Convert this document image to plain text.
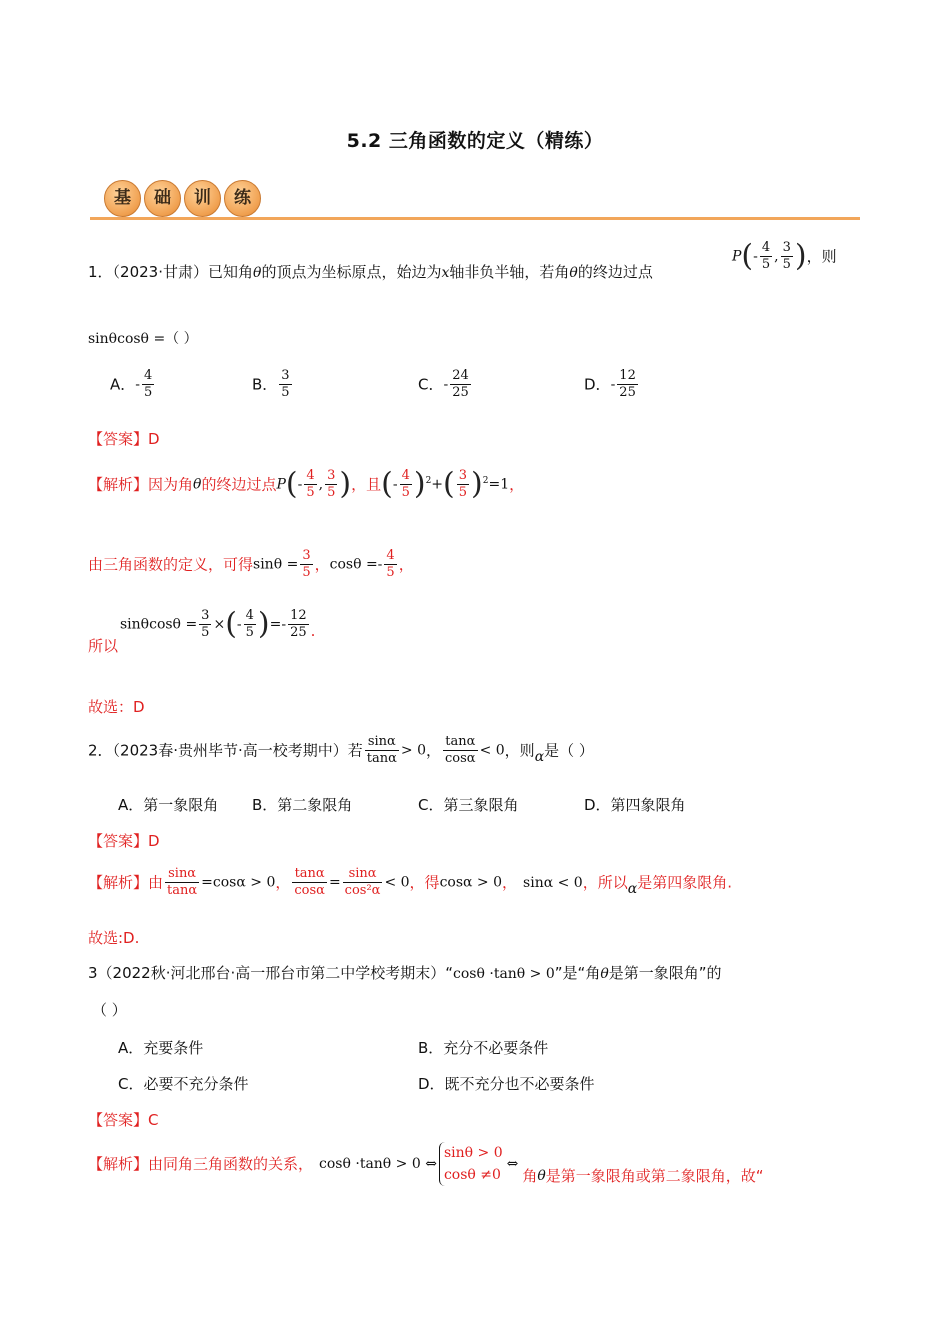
5.2 三角函数的定义（精练）
基	础	训	练
1．（2023·甘肃）已知角θ的顶点为坐标原点，始边为x轴非负半轴，若角θ的终边过点
$P(- \frac{4}{5}$ , $\frac{3}{5}$ )，则
sinθcosθ =（ ）
A．- $\frac{4}{5}$	B． $\frac{3}{5}$	C．- $\frac{24}{25}$	D．- $\frac{12}{25}$
【答案】D
【解析】因为角θ的终边过点$P(- \frac{4}{5}$ , $\frac{3}{5}$ )，且(- $\frac{4}{5} )^2+( \frac{3}{5} )^2=1$，
由三角函数的定义，可得$\sin\theta = \frac{3}{5}$ ，$\cos\theta =- \frac{4}{5}$ ，
$\sin\theta\cos\theta = \frac{3}{5}$ ×(- $\frac{4}{5}$ )=- $\frac{12}{25}$ .
所以
故选：D
2．（2023春·贵州毕节·高一校考期中）若 $\frac{\sin\alpha}{\tan\alpha} > 0$， $\frac{\tan\alpha}{\cos\alpha} < 0$，则α是（ ）
A．第一象限角 B．第二象限角	C．第三象限角	D．第四象限角
【答案】D
【解析】由 $\frac{\sin\alpha}{\tan\alpha} =\cos\alpha > 0$， $\frac{\tan\alpha}{\cos\alpha} = \frac{\sin\alpha}{\text{cos²α}} < 0$，得cosα > 0， sinα < 0，所以α是第四象限角.
故选:D.
3（2022秋·河北邢台·高一邢台市第二中学校考期末）“cosθ ·tanθ > 0”是“角θ是第一象限角”的
（ ）
A．充要条件	B．充分不必要条件
C．必要不充分条件	D．既不充分也不必要条件
【答案】C
【解析】由同角三角函数的关系， cosθ ·tanθ > 0 ⇔
sinθ > 0
cosθ ≠0
⇔角θ是第一象限角或第二象限角，故“
